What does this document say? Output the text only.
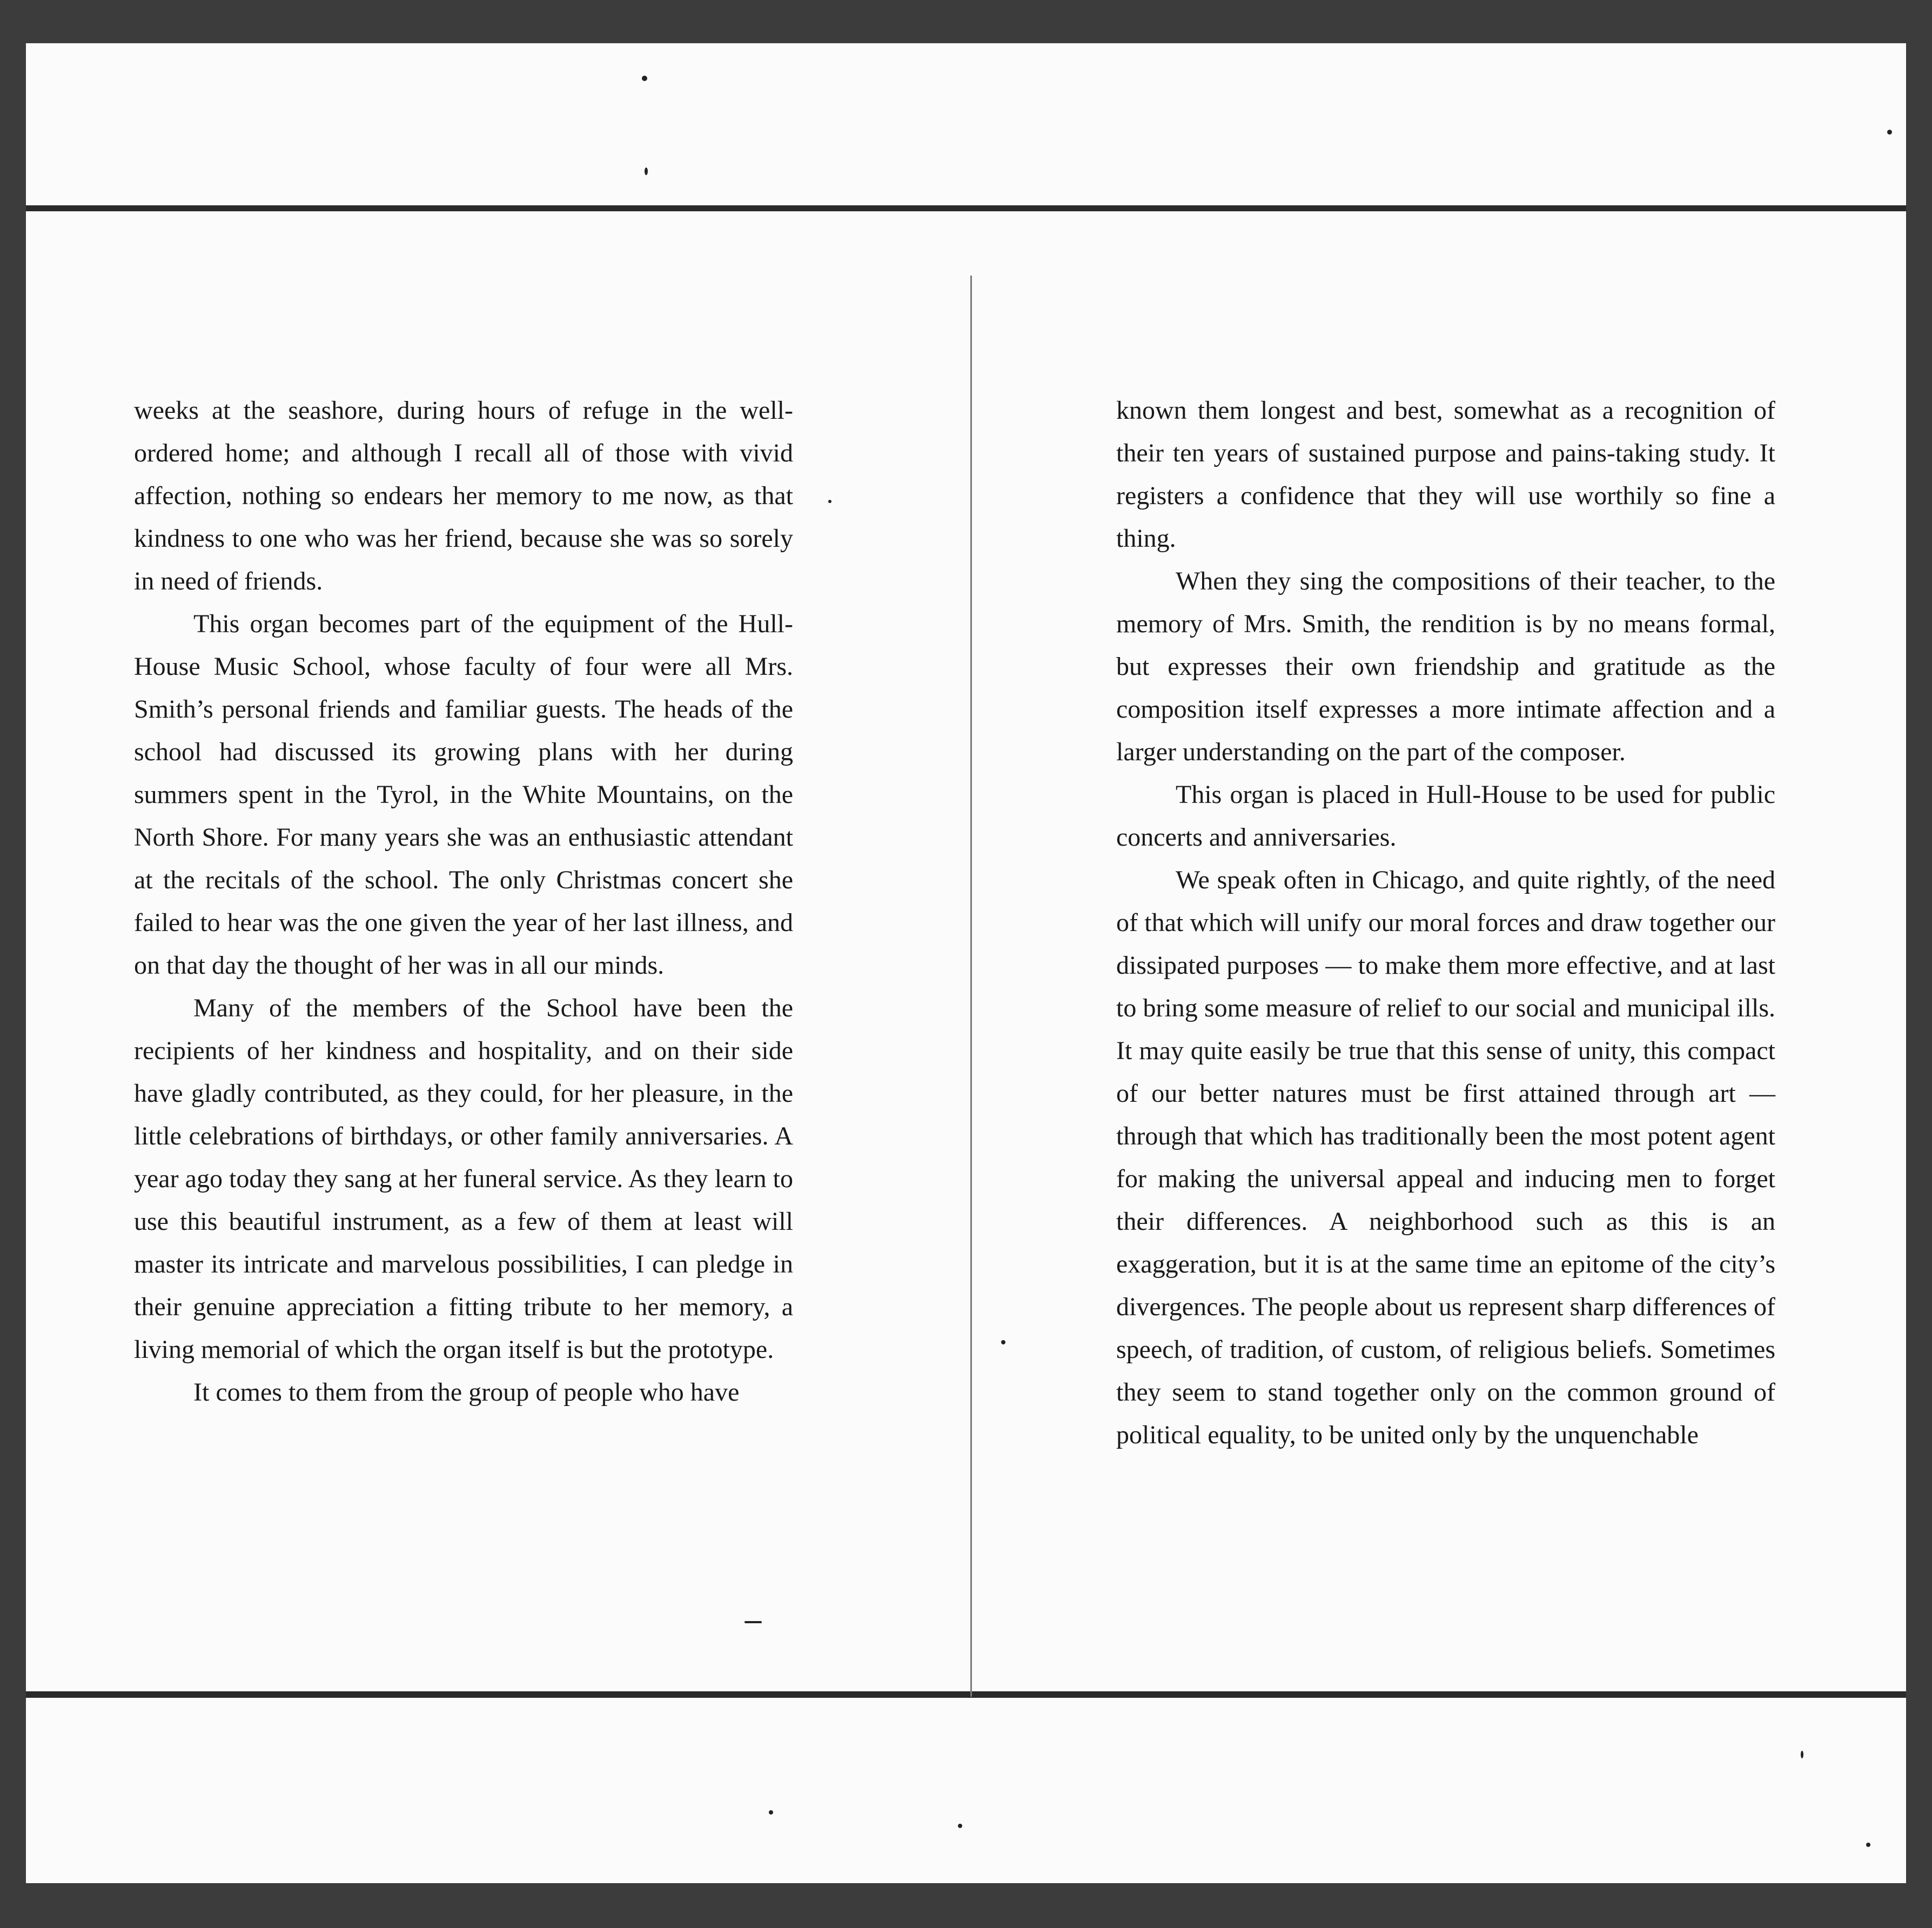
weeks at the seashore, during hours of refuge in the well-ordered home; and although I recall all of those with vivid affection, nothing so endears her memory to me now, as that kindness to one who was her friend, because she was so sorely in need of friends.

This organ becomes part of the equipment of the Hull-House Music School, whose faculty of four were all Mrs. Smith’s personal friends and familiar guests. The heads of the school had discussed its growing plans with her during summers spent in the Tyrol, in the White Mountains, on the North Shore. For many years she was an enthusiastic attendant at the recitals of the school. The only Christmas concert she failed to hear was the one given the year of her last illness, and on that day the thought of her was in all our minds.

Many of the members of the School have been the recipients of her kindness and hospitality, and on their side have gladly contributed, as they could, for her pleasure, in the little celebrations of birthdays, or other family anniversaries. A year ago today they sang at her funeral service. As they learn to use this beautiful instrument, as a few of them at least will master its intricate and marvelous possibilities, I can pledge in their genuine appreciation a fitting tribute to her memory, a living memorial of which the organ itself is but the prototype.

It comes to them from the group of people who have

known them longest and best, somewhat as a recognition of their ten years of sustained purpose and pains-taking study. It registers a confidence that they will use worthily so fine a thing.

When they sing the compositions of their teacher, to the memory of Mrs. Smith, the rendition is by no means formal, but expresses their own friendship and gratitude as the composition itself expresses a more intimate affection and a larger understanding on the part of the composer.

This organ is placed in Hull-House to be used for public concerts and anniversaries.

We speak often in Chicago, and quite rightly, of the need of that which will unify our moral forces and draw together our dissipated purposes — to make them more effective, and at last to bring some measure of relief to our social and municipal ills. It may quite easily be true that this sense of unity, this compact of our better natures must be first attained through art — through that which has traditionally been the most potent agent for making the universal appeal and inducing men to forget their differences. A neighborhood such as this is an exaggeration, but it is at the same time an epitome of the city’s divergences. The people about us represent sharp differences of speech, of tradition, of custom, of religious beliefs. Sometimes they seem to stand together only on the common ground of political equality, to be united only by the unquenchable
